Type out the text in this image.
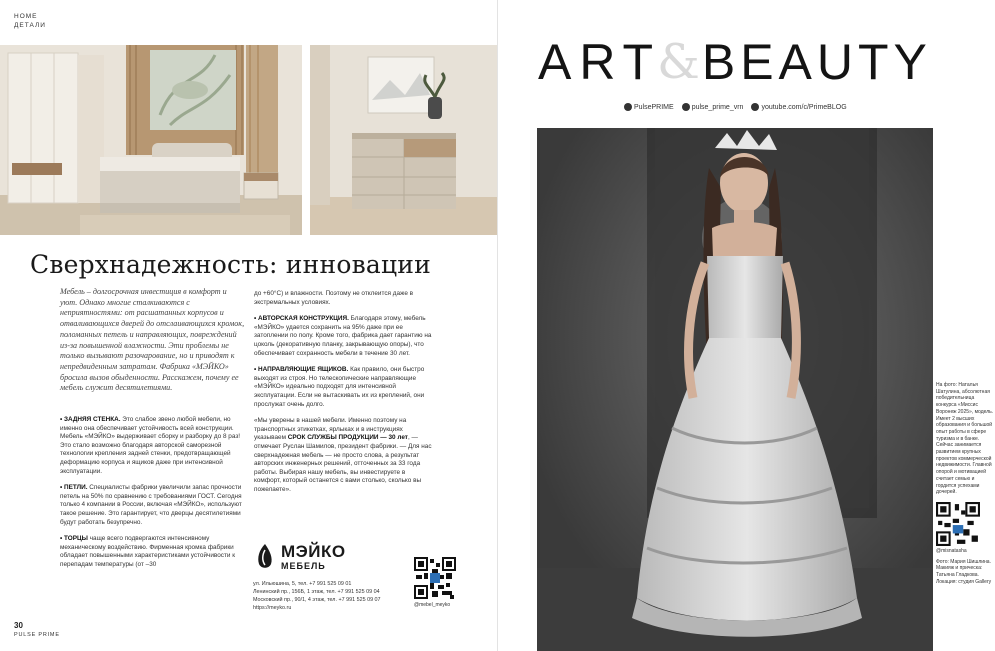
HOME
ДЕТАЛИ
Сверхнадежность: инновации

Мебель – долгосрочная инвестиция в комфорт и уют. Однако многие сталкиваются с неприятностями: от расшатанных корпусов и отваливающихся дверей до отслаивающихся кромок, поломанных петель и направляющих, повреждений из-за повышенной влажности. Эти проблемы не только вызывают разочарование, но и приводят к непредвиденным затратам. Фабрика «МЭЙКО» бросила вызов обыденности. Расскажем, почему ее мебель служит десятилетиями.

• ЗАДНЯЯ СТЕНКА. Это слабое звено любой мебели, но именно она обеспечивает устойчивость всей конструкции. Мебель «МЭЙКО» выдерживает сборку и разборку до 8 раз! Это стало возможно благодаря авторской саморезной технологии крепления задней стенки, предотвращающей деформацию корпуса и ящиков даже при интенсивной эксплуатации.

• ПЕТЛИ. Специалисты фабрики увеличили запас прочности петель на 50% по сравнению с требованиями ГОСТ. Сегодня только 4 компании в России, включая «МЭЙКО», используют такое решение. Это гарантирует, что дверцы десятилетиями будут работать безупречно.

• ТОРЦЫ чаще всего подвергаются интенсивному механическому воздействию. Фирменная кромка фабрики обладает повышенными характеристиками устойчивости к перепадам температуры (от –30

до +60°С) и влажности. Поэтому не отклеится даже в экстремальных условиях.

• АВТОРСКАЯ КОНСТРУКЦИЯ. Благодаря этому, мебель «МЭЙКО» удается сохранить на 95% даже при ее затоплении по полу. Кроме того, фабрика дает гарантию на цоколь (декоративную планку, закрывающую опоры), что обеспечивает сохранность мебели в течение 30 лет.

• НАПРАВЛЯЮЩИЕ ЯЩИКОВ. Как правило, они быстро выходят из строя. Но телескопические направляющие «МЭЙКО» идеально подходят для интенсивной эксплуатации. Если не вытаскивать их из креплений, они прослужат очень долго.

«Мы уверены в нашей мебели. Именно поэтому на транспортных этикетках, ярлыках и в инструкциях указываем СРОК СЛУЖБЫ ПРОДУКЦИИ — 30 лет, — отмечает Руслан Шамилов, президент фабрики. — Для нас сверхнадежная мебель — не просто слова, а результат авторских инженерных решений, отточенных за 33 года работы. Выбирая нашу мебель, вы инвестируете в комфорт, который останется с вами столько, сколько вы пожелаете».

МЭЙКО
МЕБЕЛЬ
ул. Ильюшина, 5, тел. +7 991 525 09 01
Ленинский пр., 156Б, 1 этаж, тел. +7 991 525 09 04
Московский пр., 90/1, 4 этаж, тел. +7 991 525 09 07
https://meyko.ru	@mebel_meyko
30
PULSE PRIME
ART
& BEAUTY
PulsePRIME	pulse_prime_vrn	youtube.com/c/PrimeBLOG

На фото: Наталья Шатулина, абсолютная победительница конкурса «Миссис Воронеж 2025», модель. Имеет 2 высших образования и большой опыт работы в сфере туризма и в банке. Сейчас занимается развитием крупных проектов коммерческой недвижимости. Главной опорой и мотивацией считает семью и гордится успехами дочерей.

@misnatasha

Фото: Мария Шишлина. Макияж и прическа: Татьяна Гладкова. Локация: студия Gallery
